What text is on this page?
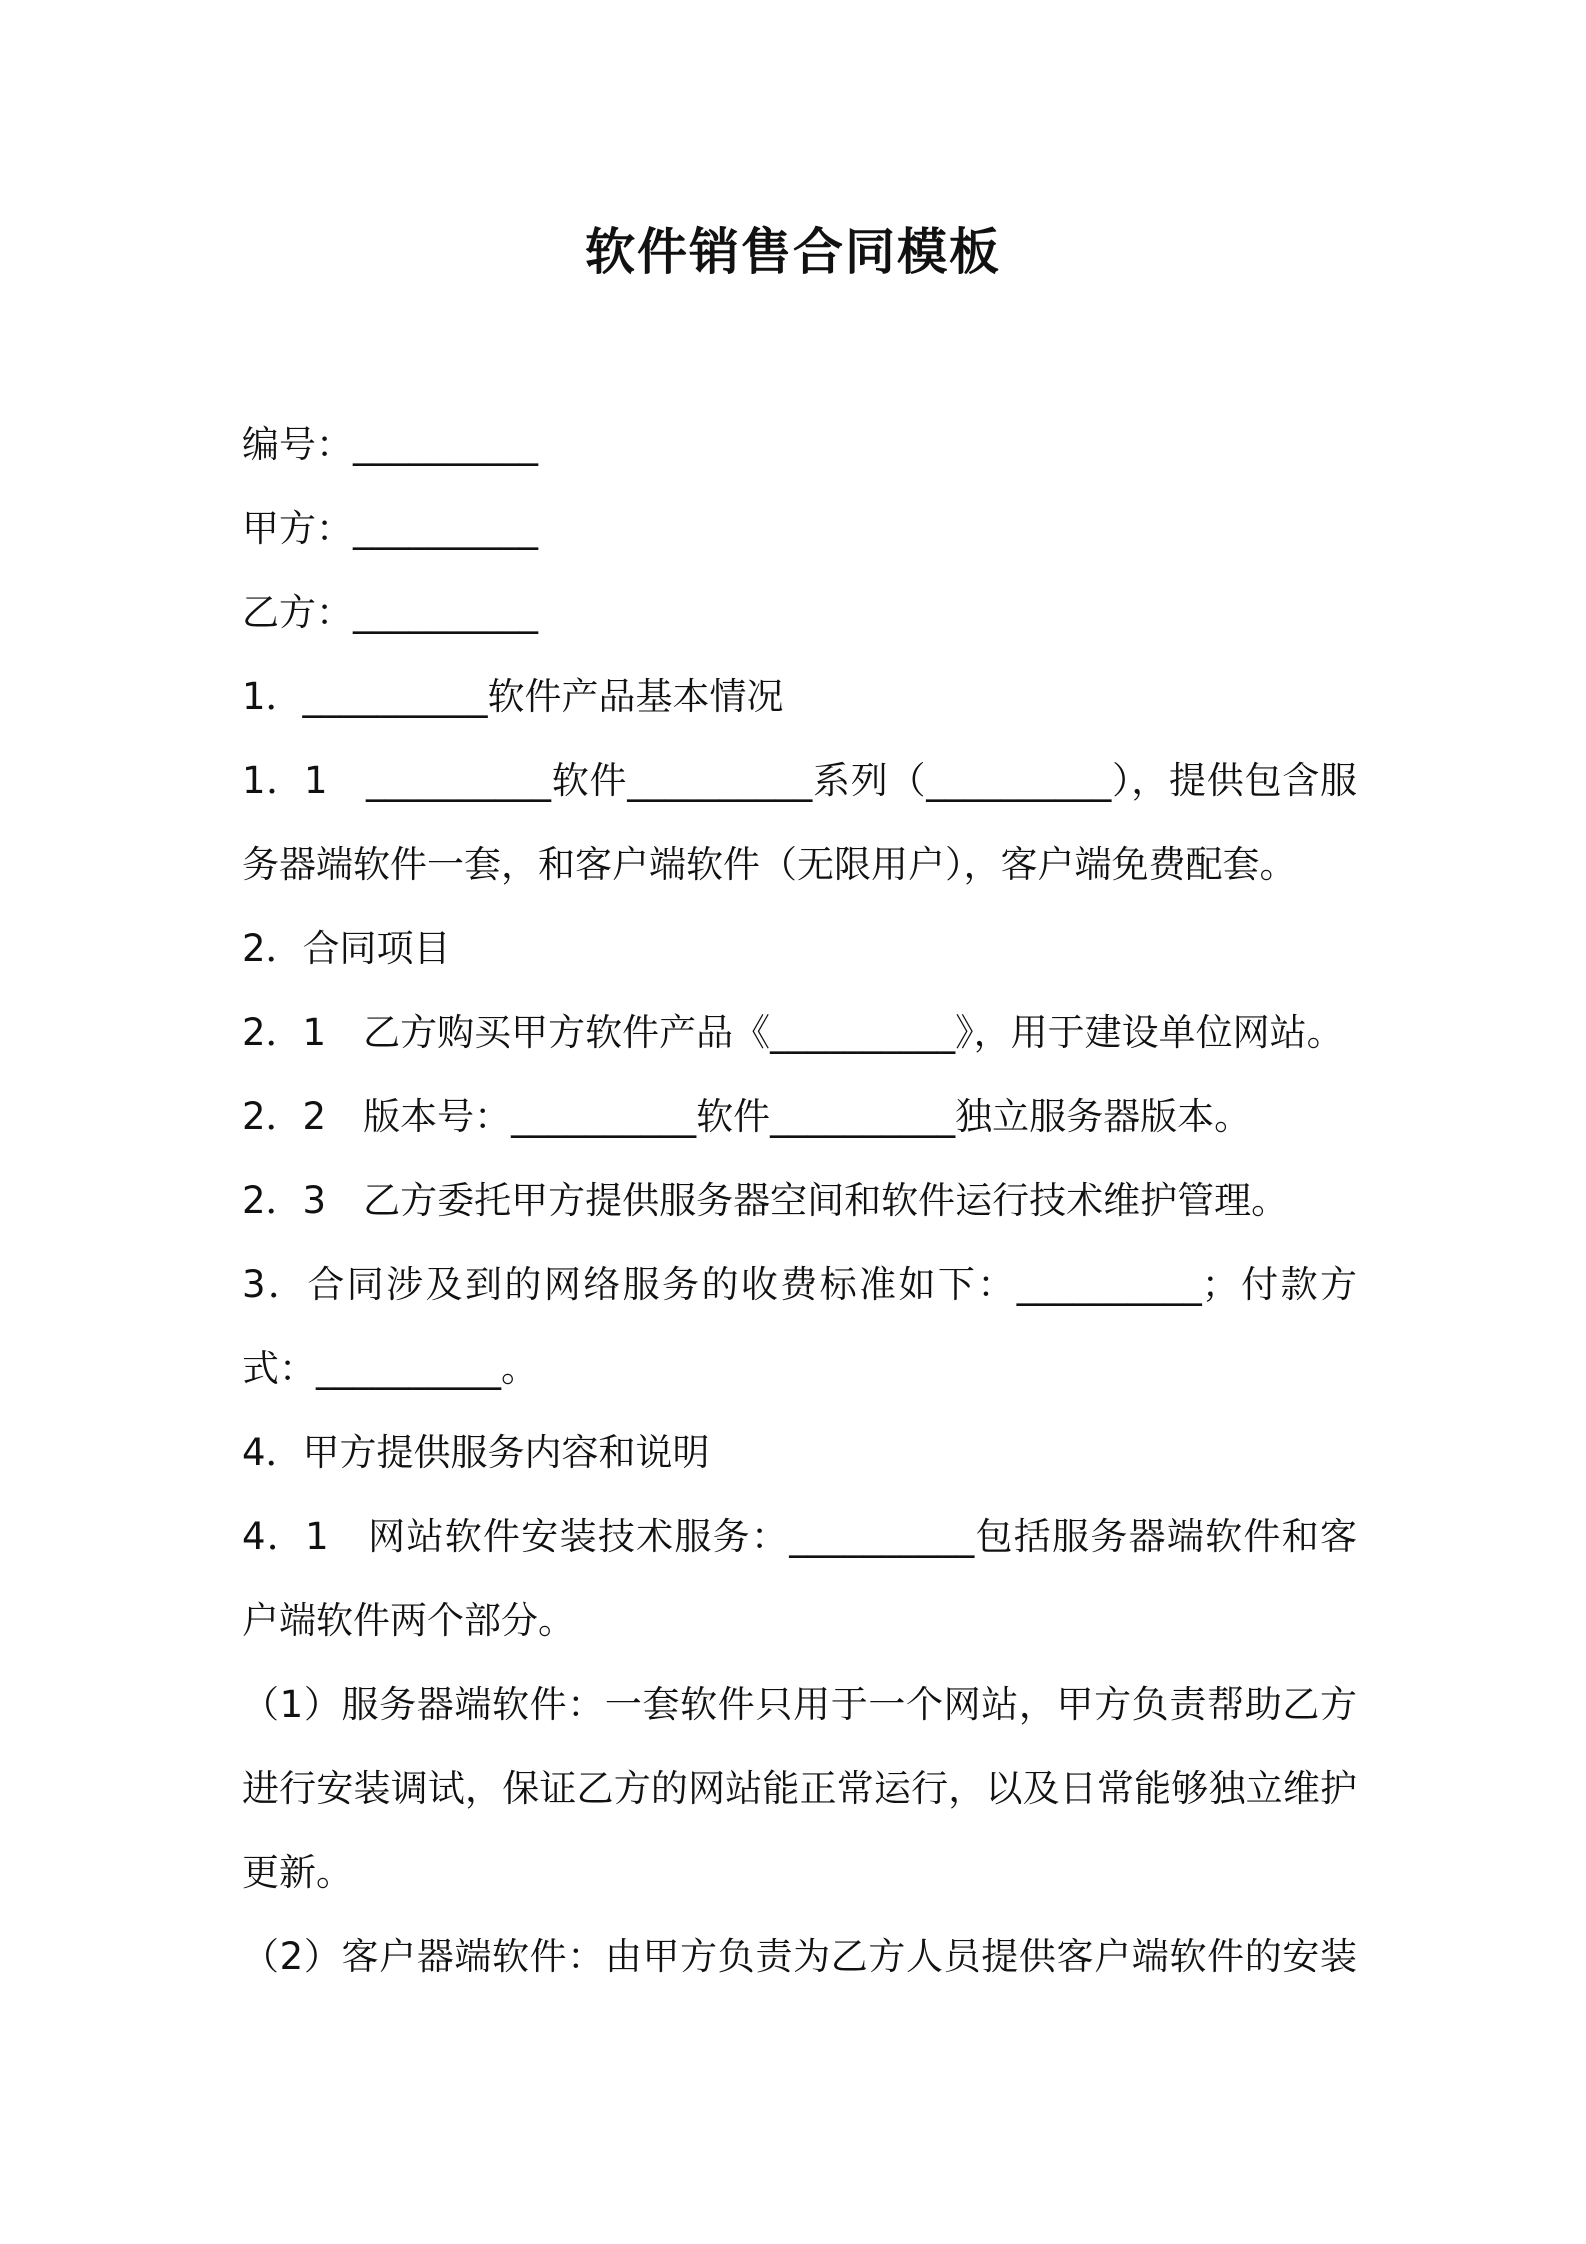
软件销售合同模板
编号：__________
甲方：__________
乙方：__________
1．__________软件产品基本情况
1．1　__________软件__________系列（__________），提供包含服
务器端软件一套，和客户端软件（无限用户），客户端免费配套。
2．合同项目
2．1　乙方购买甲方软件产品《__________》，用于建设单位网站。
2．2　版本号：__________软件__________独立服务器版本。
2．3　乙方委托甲方提供服务器空间和软件运行技术维护管理。
3．合同涉及到的网络服务的收费标准如下：__________；付款方
式：__________。
4．甲方提供服务内容和说明
4．1　网站软件安装技术服务：__________包括服务器端软件和客
户端软件两个部分。
（1）服务器端软件：一套软件只用于一个网站，甲方负责帮助乙方
进行安装调试，保证乙方的网站能正常运行，以及日常能够独立维护
更新。
（2）客户器端软件：由甲方负责为乙方人员提供客户端软件的安装
